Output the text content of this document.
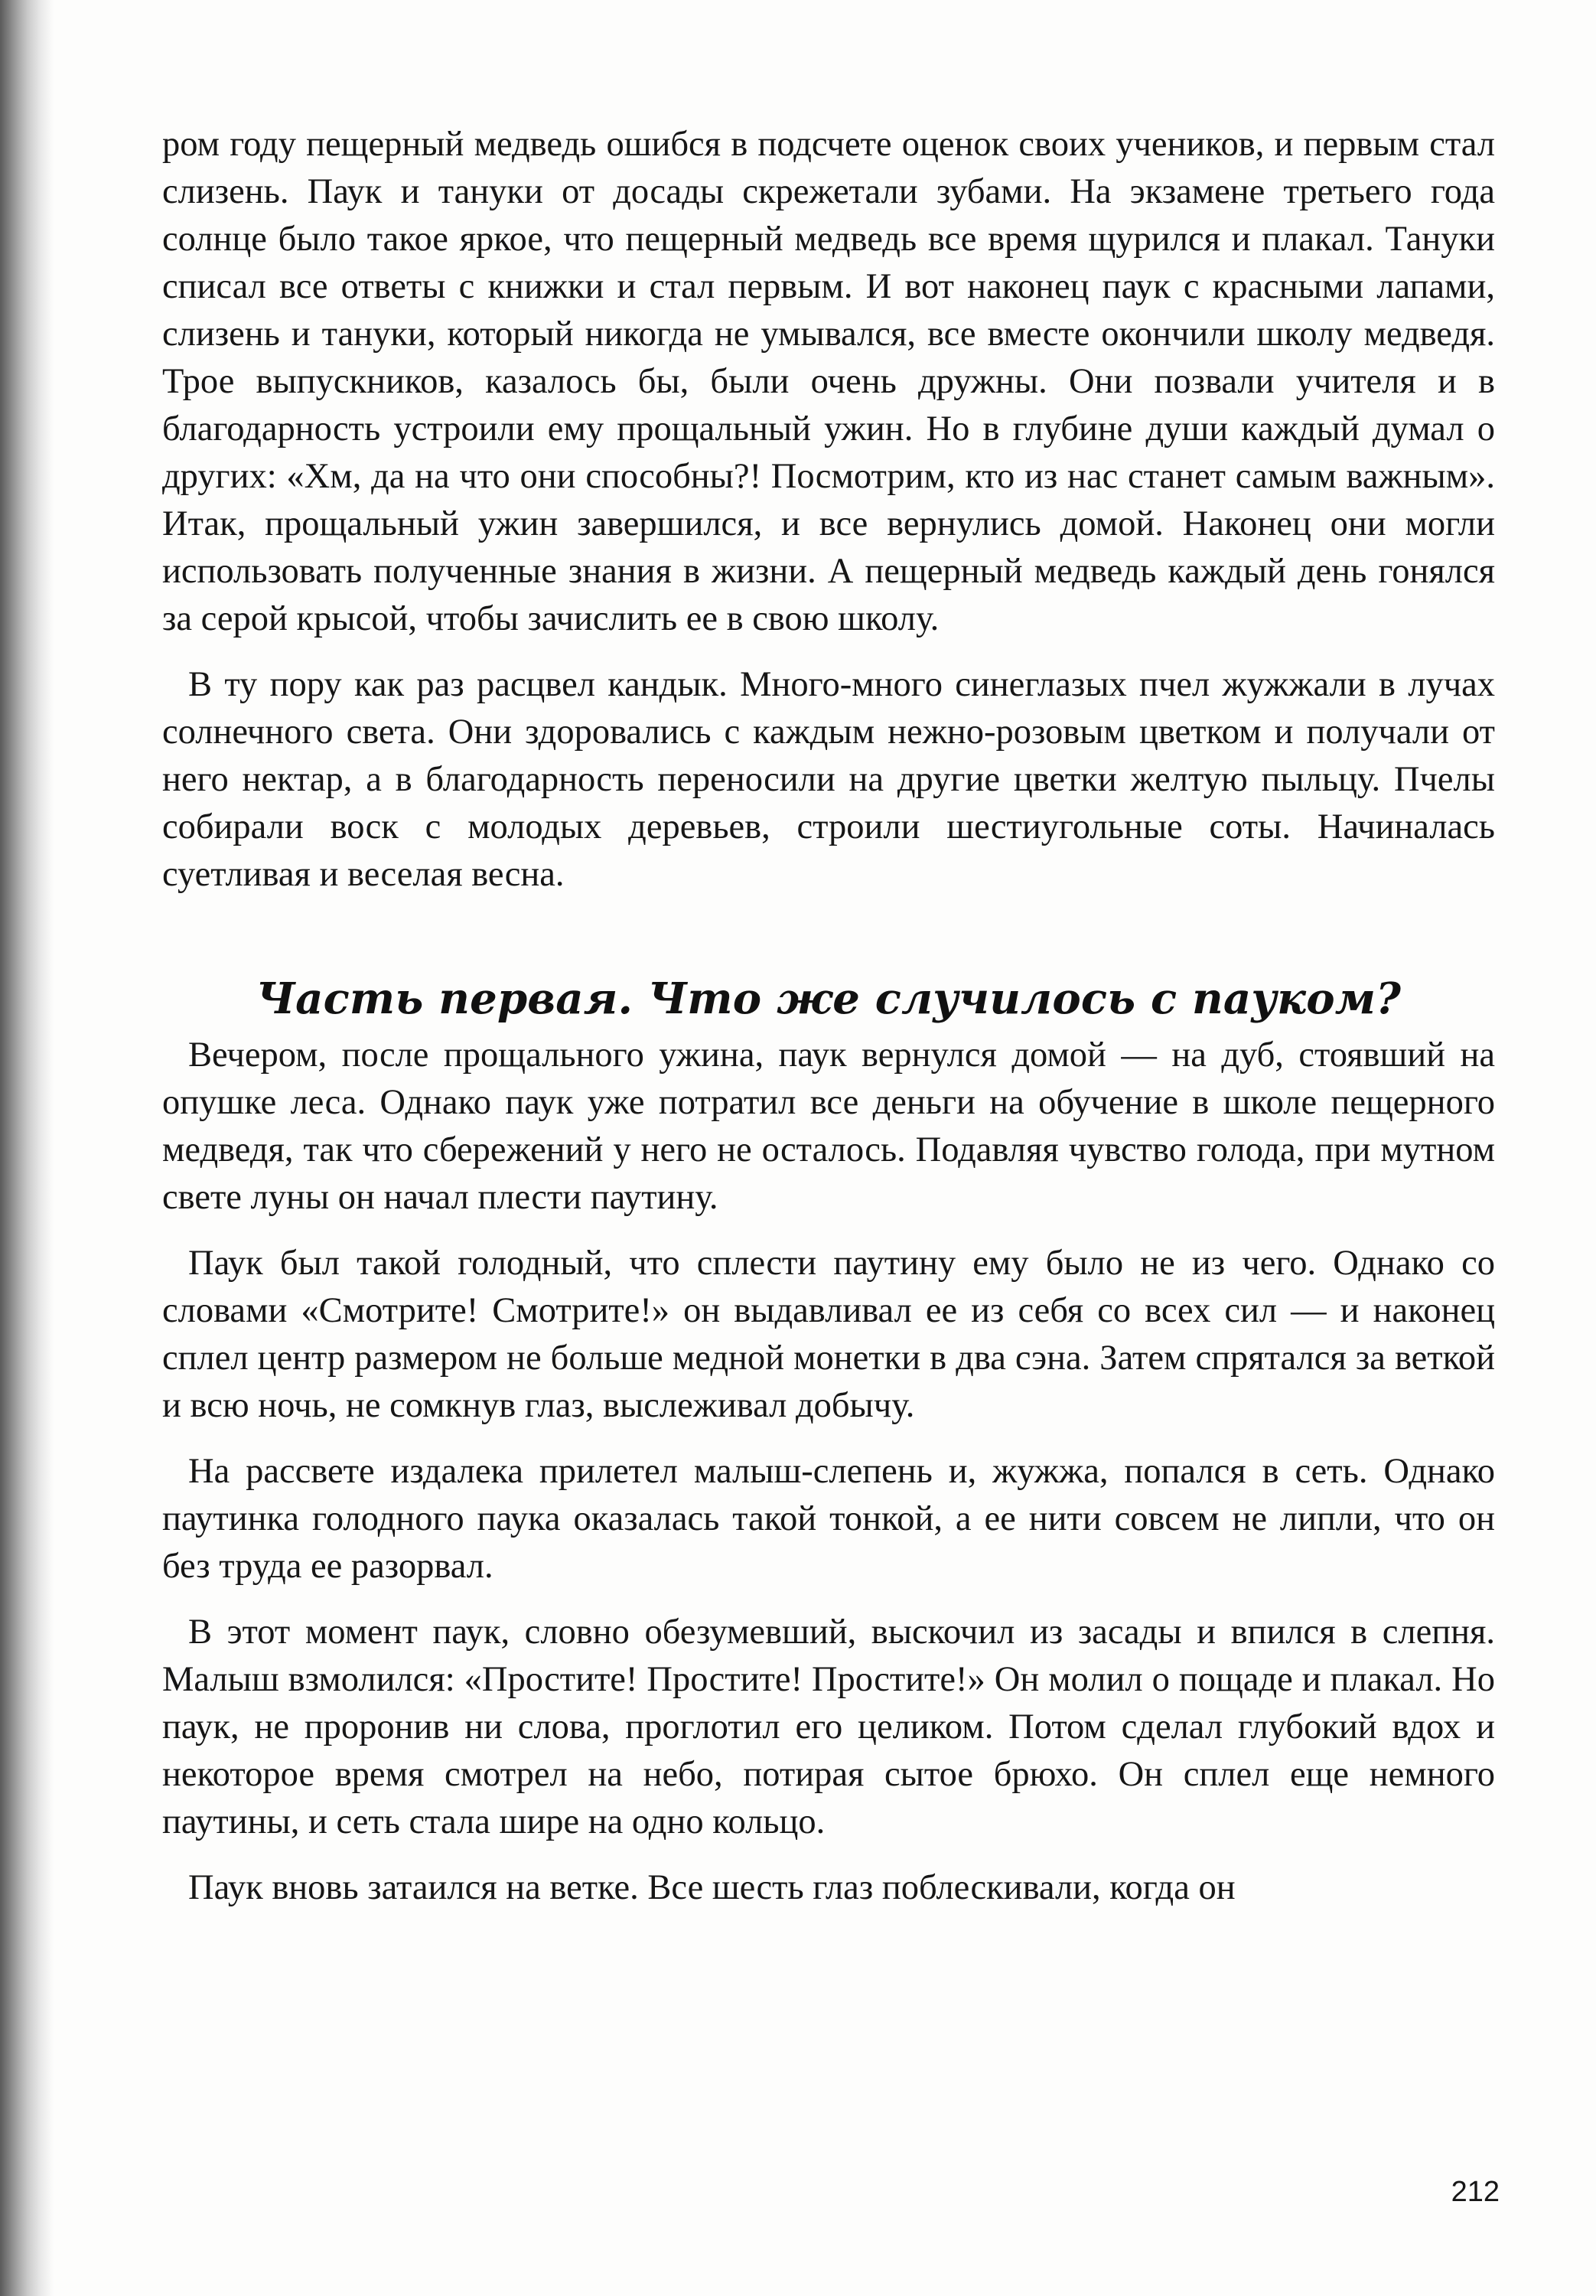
ром году пещерный медведь ошибся в подсчете оценок своих учеников, и первым стал слизень. Паук и тануки от досады скрежетали зубами. На экзамене третьего года солнце было такое яркое, что пещерный медведь все время щурился и плакал. Тануки списал все ответы с книжки и стал первым. И вот наконец паук с красными лапами, слизень и тануки, который никогда не умывался, все вместе окончили школу медведя. Трое выпускников, казалось бы, были очень дружны. Они позвали учителя и в благодарность устроили ему прощальный ужин. Но в глубине души каждый думал о других: «Хм, да на что они способны?! Посмотрим, кто из нас станет самым важным». Итак, прощальный ужин завершился, и все вернулись домой. Наконец они могли использовать полученные знания в жизни. А пещерный медведь каждый день гонялся за серой крысой, чтобы зачислить ее в свою школу.

В ту пору как раз расцвел кандык. Много-много синеглазых пчел жужжали в лучах солнечного света. Они здоровались с каждым нежно-розовым цветком и получали от него нектар, а в благодарность переносили на другие цветки желтую пыльцу. Пчелы собирали воск с молодых деревьев, строили шестиугольные соты. Начиналась суетливая и веселая весна.

Часть первая. Что же случилось с пауком?

Вечером, после прощального ужина, паук вернулся домой — на дуб, стоявший на опушке леса. Однако паук уже потратил все деньги на обучение в школе пещерного медведя, так что сбережений у него не осталось. Подавляя чувство голода, при мутном свете луны он начал плести паутину.

Паук был такой голодный, что сплести паутину ему было не из чего. Однако со словами «Смотрите! Смотрите!» он выдавливал ее из себя со всех сил — и наконец сплел центр размером не больше медной монетки в два сэна. Затем спрятался за веткой и всю ночь, не сомкнув глаз, выслеживал добычу.

На рассвете издалека прилетел малыш-слепень и, жужжа, попался в сеть. Однако паутинка голодного паука оказалась такой тонкой, а ее нити совсем не липли, что он без труда ее разорвал.

В этот момент паук, словно обезумевший, выскочил из засады и впился в слепня. Малыш взмолился: «Простите! Простите! Простите!» Он молил о пощаде и плакал. Но паук, не проронив ни слова, проглотил его целиком. Потом сделал глубокий вдох и некоторое время смотрел на небо, потирая сытое брюхо. Он сплел еще немного паутины, и сеть стала шире на одно кольцо.

Паук вновь затаился на ветке. Все шесть глаз поблескивали, когда он

212
